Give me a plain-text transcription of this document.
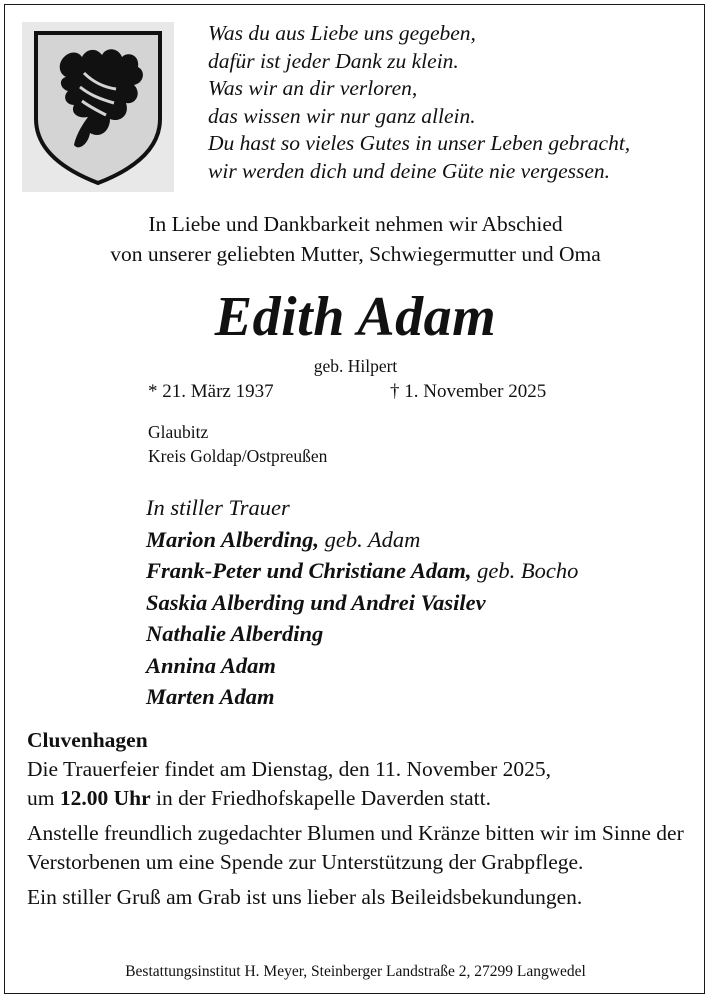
Was du aus Liebe uns gegeben,
dafür ist jeder Dank zu klein.
Was wir an dir verloren,
das wissen wir nur ganz allein.
Du hast so vieles Gutes in unser Leben gebracht,
wir werden dich und deine Güte nie vergessen.
In Liebe und Dankbarkeit nehmen wir Abschied
von unserer geliebten Mutter, Schwiegermutter und Oma
Edith Adam
geb. Hilpert
* 21. März 1937	† 1. November 2025
Glaubitz
Kreis Goldap/Ostpreußen
In stiller Trauer
Marion Alberding, geb. Adam
Frank-Peter und Christiane Adam, geb. Bocho
Saskia Alberding und Andrei Vasilev
Nathalie Alberding
Annina Adam
Marten Adam

Cluvenhagen

Die Trauerfeier findet am Dienstag, den 11. November 2025,

um 12.00 Uhr in der Friedhofskapelle Daverden statt.

Anstelle freundlich zugedachter Blumen und Kränze bitten wir im Sinne der Verstorbenen um eine Spende zur Unterstützung der Grabpflege.

Ein stiller Gruß am Grab ist uns lieber als Beileidsbekundungen.

Bestattungsinstitut H. Meyer, Steinberger Landstraße 2, 27299 Langwedel
